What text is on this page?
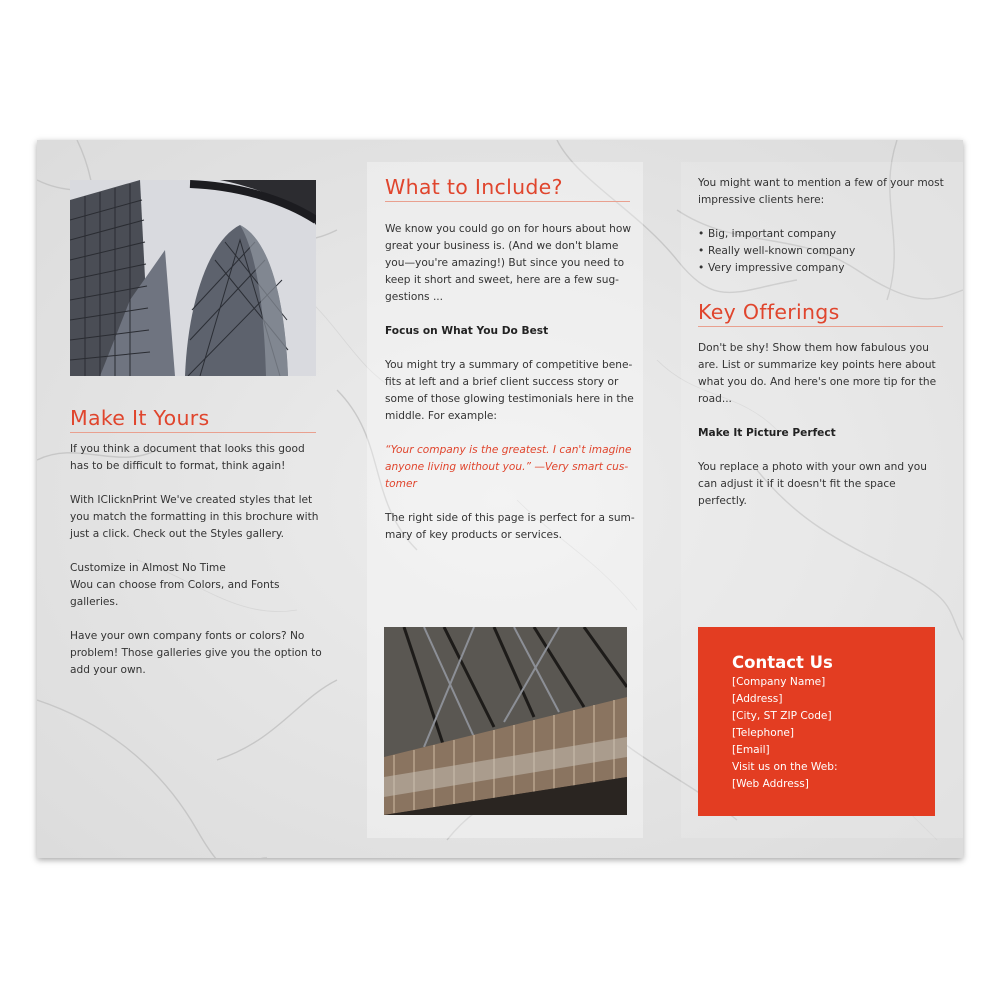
Make It Yours

If you think a document that looks this good

has to be difficult to format, think again!

With IClicknPrint We've created styles that let

you match the formatting in this brochure with

just a click. Check out the Styles gallery.

Customize in Almost No Time

Wou can choose from Colors, and Fonts

galleries.

Have your own company fonts or colors? No

problem! Those galleries give you the option to

add your own.

What to Include?

We know you could go on for hours about how

great your business is. (And we don't blame

you—you're amazing!) But since you need to

keep it short and sweet, here are a few sug-

gestions ...

Focus on What You Do Best

You might try a summary of competitive bene-

fits at left and a brief client success story or

some of those glowing testimonials here in the

middle. For example:

“Your company is the greatest. I can't imagine

anyone living without you.” —Very smart cus-

tomer

The right side of this page is perfect for a sum-

mary of key products or services.

You might want to mention a few of your most

impressive clients here:

• Big, important company
• Really well-known company
• Very impressive company
Key Offerings

Don't be shy! Show them how fabulous you

are. List or summarize key points here about

what you do. And here's one more tip for the

road...

Make It Picture Perfect

You replace a photo with your own and you

can adjust it if it doesn't fit the space

perfectly.

Contact Us
[Company Name]
[Address]
[City, ST ZIP Code]
[Telephone]
[Email]
Visit us on the Web:
[Web Address]
